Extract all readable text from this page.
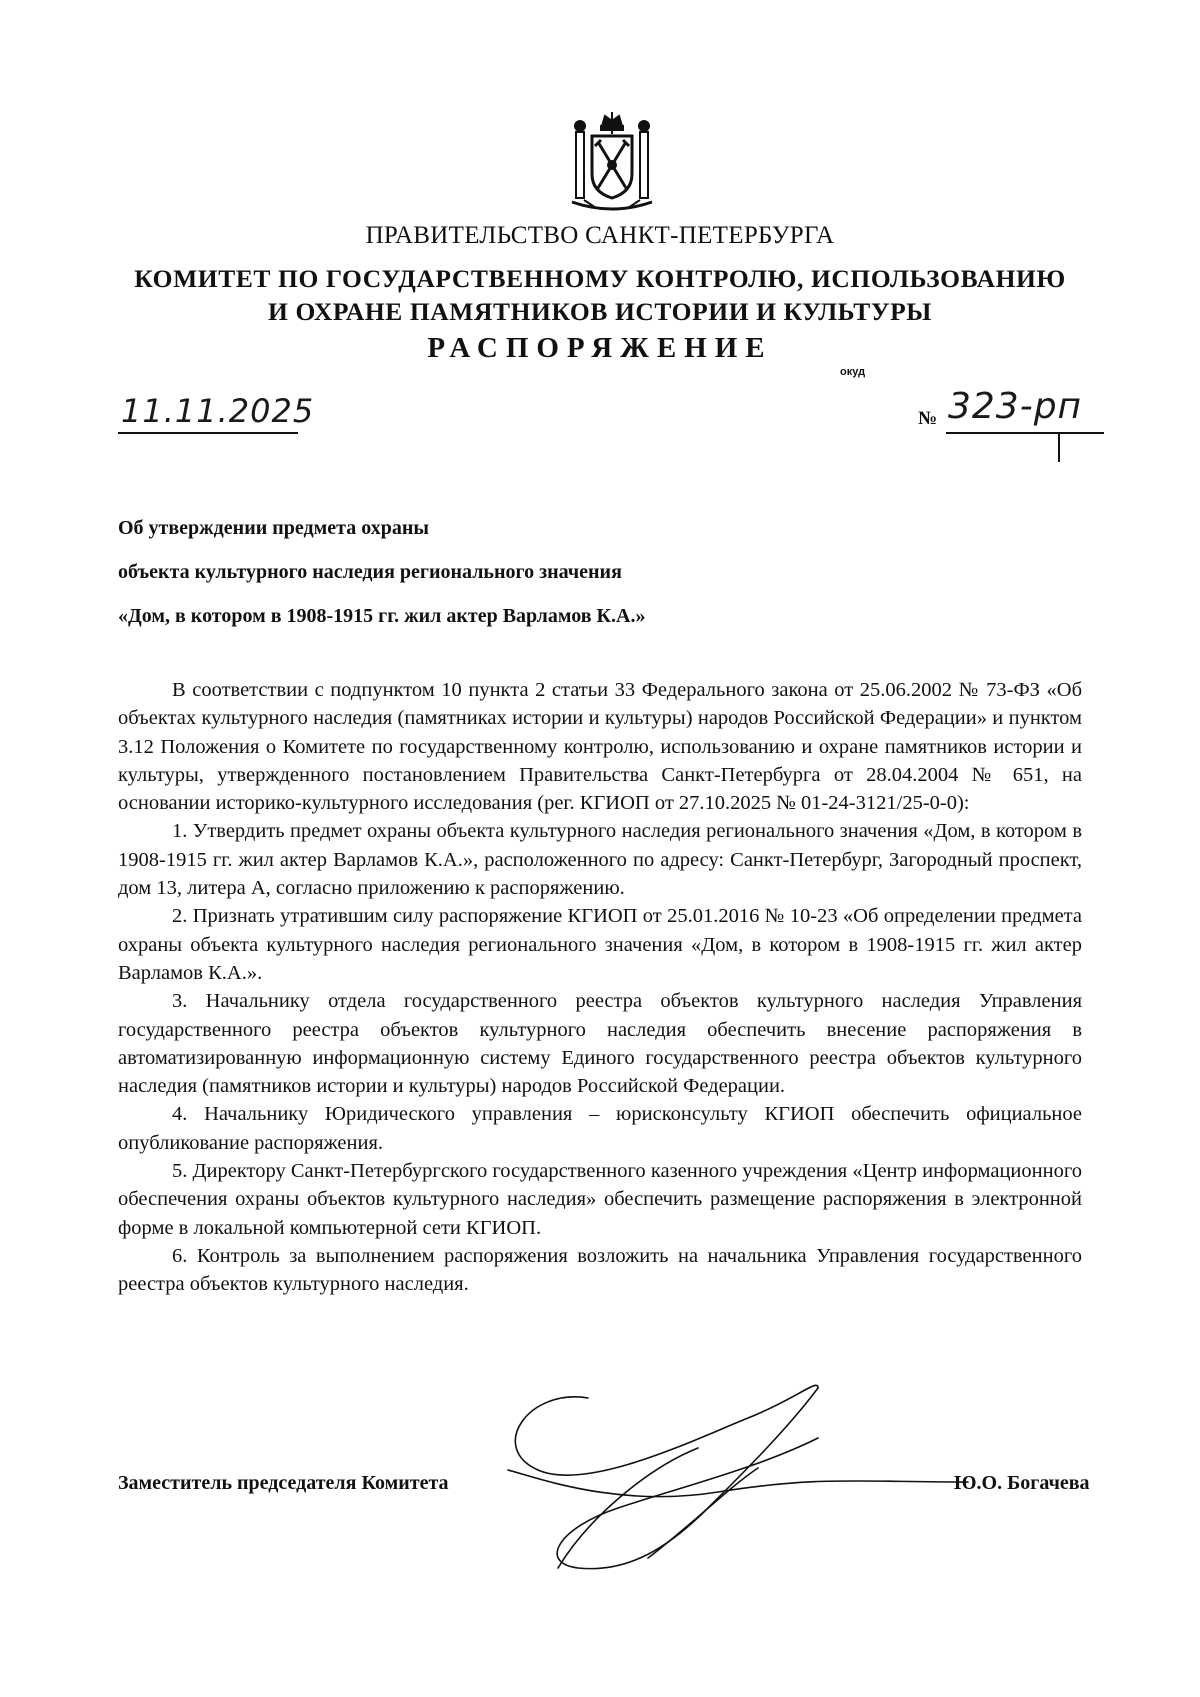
ПРАВИТЕЛЬСТВО САНКТ-ПЕТЕРБУРГА
КОМИТЕТ ПО ГОСУДАРСТВЕННОМУ КОНТРОЛЮ, ИСПОЛЬЗОВАНИЮ
И ОХРАНЕ ПАМЯТНИКОВ ИСТОРИИ И КУЛЬТУРЫ
РАСПОРЯЖЕНИЕ
окуд
11.11.2025	№ 323-рп
Об утверждении предмета охраны
объекта культурного наследия регионального значения
«Дом, в котором в 1908-1915 гг. жил актер Варламов К.А.»

В соответствии с подпунктом 10 пункта 2 статьи 33 Федерального закона от 25.06.2002 № 73-ФЗ «Об объектах культурного наследия (памятниках истории и культуры) народов Российской Федерации» и пунктом 3.12 Положения о Комитете по государственному контролю, использованию и охране памятников истории и культуры, утвержденного постановлением Правительства Санкт-Петербурга от 28.04.2004 № 651, на основании историко-культурного исследования (рег. КГИОП от 27.10.2025 № 01-24-3121/25-0-0):

1. Утвердить предмет охраны объекта культурного наследия регионального значения «Дом, в котором в 1908-1915 гг. жил актер Варламов К.А.», расположенного по адресу: Санкт-Петербург, Загородный проспект, дом 13, литера А, согласно приложению к распоряжению.

2. Признать утратившим силу распоряжение КГИОП от 25.01.2016 № 10-23 «Об определении предмета охраны объекта культурного наследия регионального значения «Дом, в котором в 1908-1915 гг. жил актер Варламов К.А.».

3. Начальнику отдела государственного реестра объектов культурного наследия Управления государственного реестра объектов культурного наследия обеспечить внесение распоряжения в автоматизированную информационную систему Единого государственного реестра объектов культурного наследия (памятников истории и культуры) народов Российской Федерации.

4. Начальнику Юридического управления – юрисконсульту КГИОП обеспечить официальное опубликование распоряжения.

5. Директору Санкт-Петербургского государственного казенного учреждения «Центр информационного обеспечения охраны объектов культурного наследия» обеспечить размещение распоряжения в электронной форме в локальной компьютерной сети КГИОП.

6. Контроль за выполнением распоряжения возложить на начальника Управления государственного реестра объектов культурного наследия.

Заместитель председателя Комитета	Ю.О. Богачева
